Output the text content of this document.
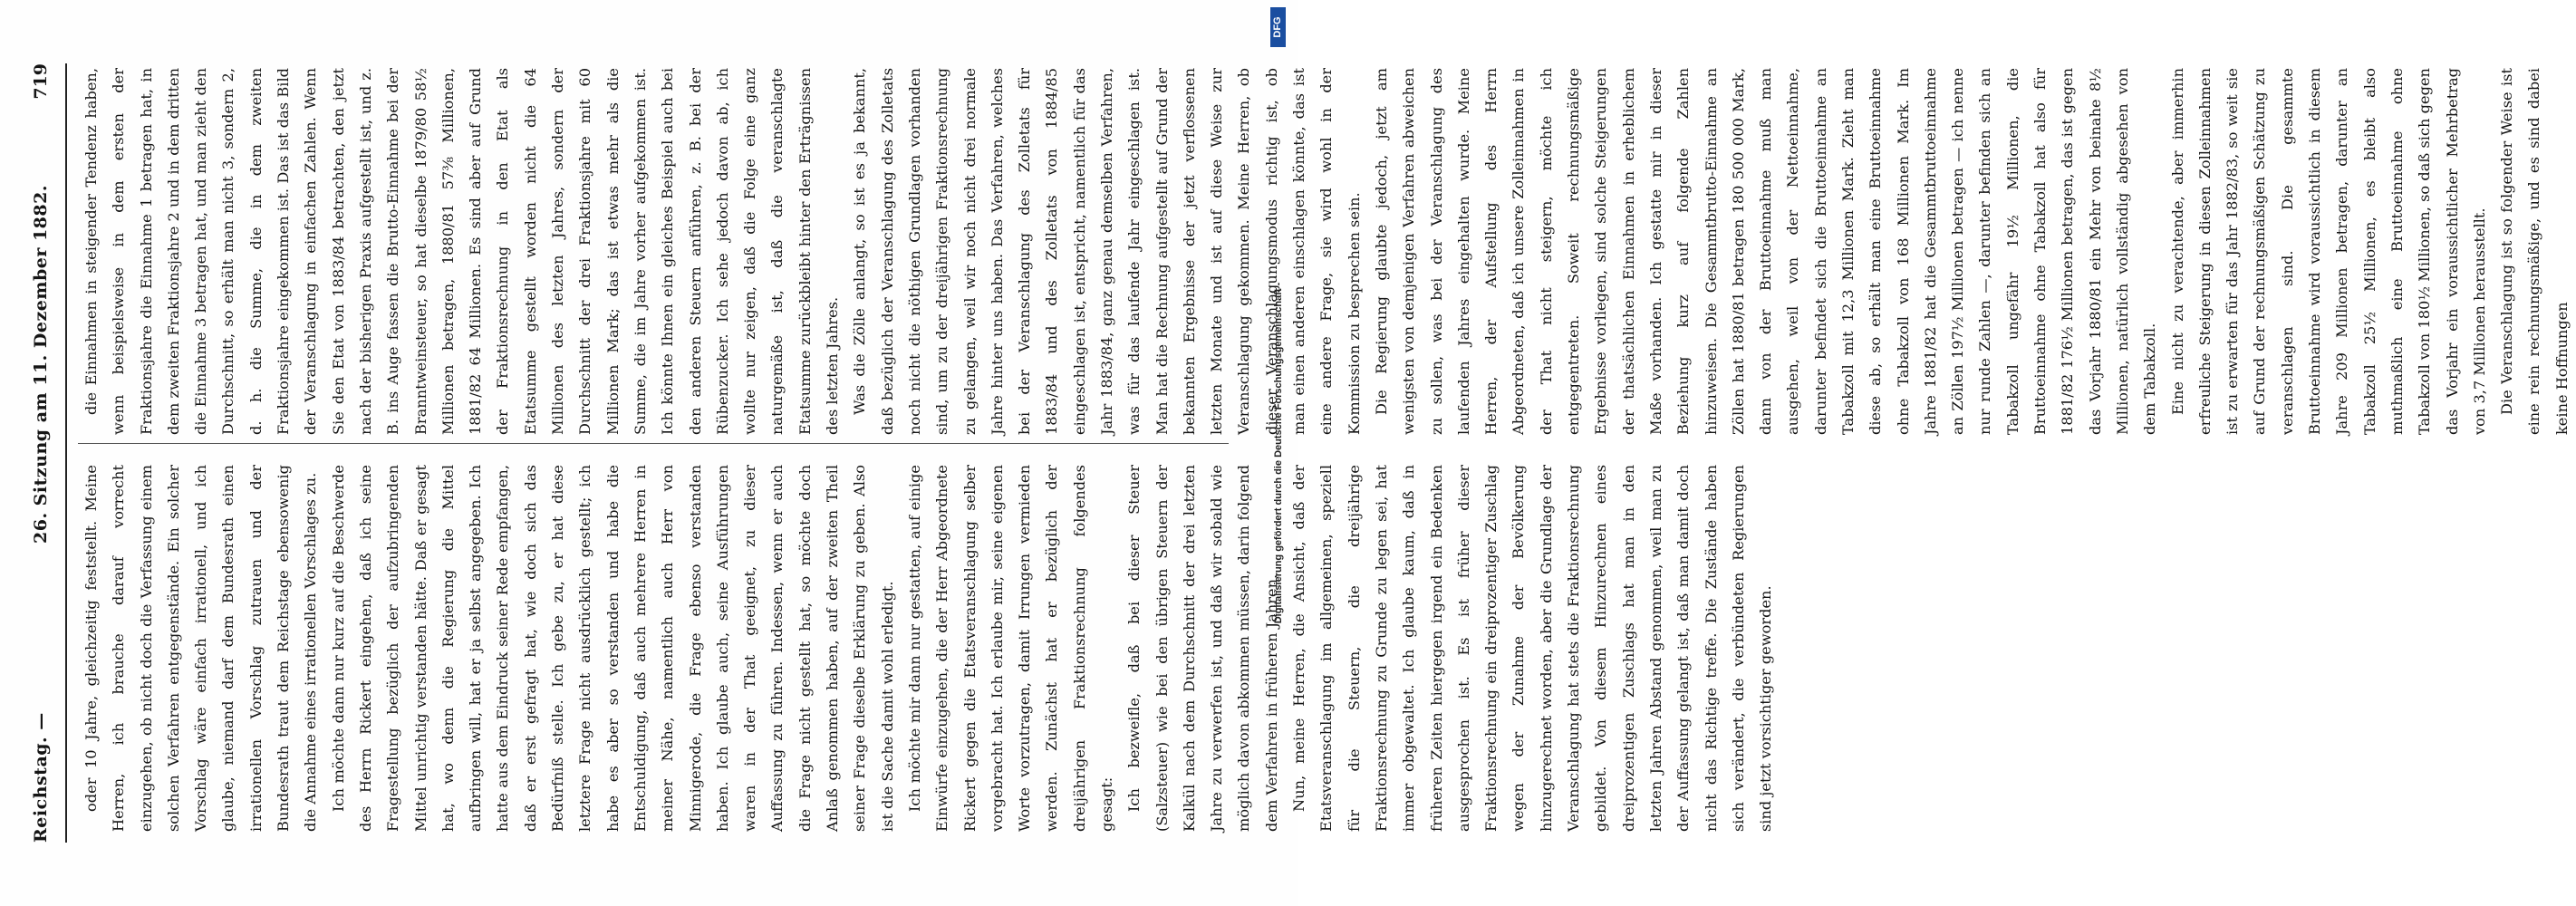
Reichstag. —
26. Sitzung am 11. Dezember 1882.
719

oder 10 Jahre, gleichzeitig feststellt. Meine Herren, ich brauche darauf vorrecht einzugehen, ob nicht doch die Verfassung einem solchen Verfahren entgegenstände. Ein solcher Vorschlag wäre einfach irrationell, und ich glaube, niemand darf dem Bundesrath einen irrationellen Vorschlag zutrauen und der Bundesrath traut dem Reichstage ebensowenig die Annahme eines irrationellen Vorschlages zu. Ich möchte dann nur kurz auf die Beschwerde des Herrn Rickert eingehen, daß ich seine Fragestellung bezüglich der aufzubringenden Mittel unrichtig verstanden hätte. Daß er gesagt hat, wo denn die Regierung die Mittel aufbringen will, hat er ja selbst angegeben. Ich hatte aus dem Eindruck seiner Rede empfangen, daß er erst gefragt hat, wie doch sich das Bedürfniß stelle. Ich gebe zu, er hat diese letztere Frage nicht ausdrücklich gestellt; ich habe es aber so verstanden und habe die Entschuldigung, daß auch mehrere Herren in meiner Nähe, namentlich auch Herr von Minnigerode, die Frage ebenso verstanden haben. Ich glaube auch, seine Ausführungen waren in der That geeignet, zu dieser Auffassung zu führen. Indessen, wenn er auch die Frage nicht gestellt hat, so möchte doch Anlaß genommen haben, auf der zweiten Theil seiner Frage dieselbe Erklärung zu geben. Also ist die Sache damit wohl erledigt. Ich möchte mir dann nur gestatten, auf einige Einwürfe einzugehen, die der Herr Abgeordnete Rickert gegen die Etatsveranschlagung selber vorgebracht hat. Ich erlaube mir, seine eigenen Worte vorzutragen, damit Irrungen vermieden werden. Zunächst hat er bezüglich der dreijährigen Fraktionsrechnung folgendes gesagt: Ich bezweifle, daß bei dieser Steuer (Salzsteuer) wie bei den übrigen Steuern der Kalkül nach dem Durchschnitt der drei letzten Jahre zu verwerfen ist, und daß wir sobald wie möglich davon abkommen müssen, darin folgend dem Verfahren in früheren Jahren. Nun, meine Herren, die Ansicht, daß der Etatsveranschlagung im allgemeinen, speziell für die Steuern, die dreijährige Fraktionsrechnung zu Grunde zu legen sei, hat immer obgewaltet. Ich glaube kaum, daß in früheren Zeiten hiergegen irgend ein Bedenken ausgesprochen ist. Es ist früher dieser Fraktionsrechnung ein dreiprozentiger Zuschlag wegen der Zunahme der Bevölkerung hinzugerechnet worden, aber die Grundlage der Veranschlagung hat stets die Fraktionsrechnung gebildet. Von diesem Hinzurechnen eines dreiprozentigen Zuschlags hat man in den letzten Jahren Abstand genommen, weil man zu der Auffassung gelangt ist, daß man damit doch nicht das Richtige treffe. Die Zustände haben sich verändert, die verbündeten Regierungen sind jetzt vorsichtiger geworden.

die Einnahmen in steigender Tendenz haben, wenn beispielsweise in dem ersten der Fraktionsjahre die Einnahme 1 betragen hat, in dem zweiten Fraktionsjahre 2 und in dem dritten die Einnahme 3 betragen hat, und man zieht den Durchschnitt, so erhält man nicht 3, sondern 2, d. h. die Summe, die in dem zweiten Fraktionsjahre eingekommen ist. Das ist das Bild der Veranschlagung in einfachen Zahlen. Wenn Sie den Etat von 1883/84 betrachten, den jetzt nach der bisherigen Praxis aufgestellt ist, und z. B. ins Auge fassen die Brutto-Einnahme bei der Branntweinsteuer, so hat dieselbe 1879/80 58½ Millionen betragen, 1880/81 57⅜ Millionen, 1881/82 64 Millionen. Es sind aber auf Grund der Fraktionsrechnung in den Etat als Etatsumme gestellt worden nicht die 64 Millionen des letzten Jahres, sondern der Durchschnitt der drei Fraktionsjahre mit 60 Millionen Mark; das ist etwas mehr als die Summe, die im Jahre vorher aufgekommen ist. Ich könnte Ihnen ein gleiches Beispiel auch bei den anderen Steuern anführen, z. B. bei der Rübenzucker. Ich sehe jedoch davon ab, ich wollte nur zeigen, daß die Folge eine ganz naturgemäße ist, daß die veranschlagte Etatsumme zurückbleibt hinter den Erträgnissen des letzten Jahres. Was die Zölle anlangt, so ist es ja bekannt, daß bezüglich der Veranschlagung des Zolletats noch nicht die nöthigen Grundlagen vorhanden sind, um zu der dreijährigen Fraktionsrechnung zu gelangen, weil wir noch nicht drei normale Jahre hinter uns haben. Das Verfahren, welches bei der Veranschlagung des Zolletats für 1883/84 und des Zolletats von 1884/85 eingeschlagen ist, entspricht, namentlich für das Jahr 1883/84, ganz genau demselben Verfahren, was für das laufende Jahr eingeschlagen ist. Man hat die Rechnung aufgestellt auf Grund der bekannten Ergebnisse der jetzt verflossenen letzten Monate und ist auf diese Weise zur Veranschlagung gekommen. Meine Herren, ob dieser Veranschlagungsmodus richtig ist, ob man einen anderen einschlagen könnte, das ist eine andere Frage, sie wird wohl in der Kommission zu besprechen sein. Die Regierung glaubte jedoch, jetzt am wenigsten von demjenigen Verfahren abweichen zu sollen, was bei der Veranschlagung des laufenden Jahres eingehalten wurde. Meine Herren, der Aufstellung des Herrn Abgeordneten, daß ich unsere Zolleinnahmen in der That nicht steigern, möchte ich entgegentreten. Soweit rechnungsmäßige Ergebnisse vorliegen, sind solche Steigerungen der thatsächlichen Einnahmen in erheblichem Maße vorhanden. Ich gestatte mir in dieser Beziehung kurz auf folgende Zahlen hinzuweisen. Die Gesammtbrutto-Einnahme an Zöllen hat 1880/81 betragen 180 500 000 Mark, dann von der Bruttoeinnahme muß man ausgehen, weil von der Nettoeinnahme, darunter befindet sich die Bruttoeinnahme an Tabakzoll mit 12,3 Millionen Mark. Zieht man diese ab, so erhält man eine Bruttoeinnahme ohne Tabakzoll von 168 Millionen Mark. Im Jahre 1881/82 hat die Gesammtbruttoeinnahme an Zöllen 197½ Millionen betragen — ich nenne nur runde Zahlen —, darunter befinden sich an Tabakzoll ungefähr 19½ Millionen, die Bruttoeinnahme ohne Tabakzoll hat also für 1881/82 176½ Millionen betragen, das ist gegen das Vorjahr 1880/81 ein Mehr von beinahe 8½ Millionen, natürlich vollständig abgesehen von dem Tabakzoll. Eine nicht zu verachtende, aber immerhin erfreuliche Steigerung in diesen Zolleinnahmen ist zu erwarten für das Jahr 1882/83, so weit sie auf Grund der rechnungsmäßigen Schätzung zu veranschlagen sind. Die gesammte Bruttoeinnahme wird voraussichtlich in diesem Jahre 209 Millionen betragen, darunter an Tabakzoll 25½ Millionen, es bleibt also muthmaßlich eine Bruttoeinnahme ohne Tabakzoll von 180½ Millionen, so daß sich gegen das Vorjahr ein voraussichtlicher Mehrbetrag von 3,7 Millionen herausstellt. Die Veranschlagung ist so folgender Weise ist eine rein rechnungsmäßige, und es sind dabei keine Hoffnungen

Digitalisierung gefördert durch die Deutsche Forschungsgemeinschaft -
DFG
